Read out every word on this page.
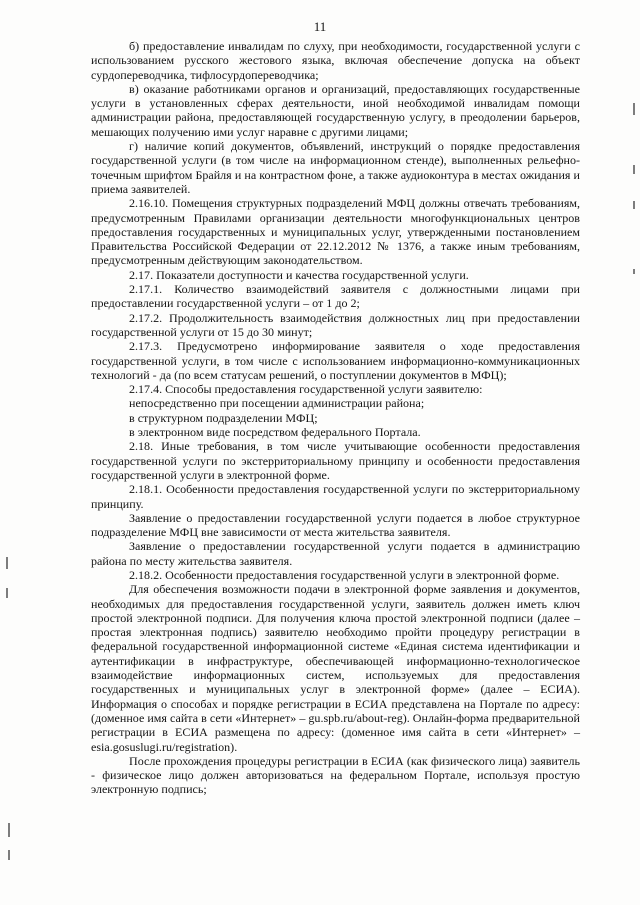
11

б) предоставление инвалидам по слуху, при необходимости, государственной услуги с использованием русского жестового языка, включая обеспечение допуска на объект сурдопереводчика, тифлосурдопереводчика;

в) оказание работниками органов и организаций, предоставляющих государственные услуги в установленных сферах деятельности, иной необходимой инвалидам помощи администрации района, предоставляющей государственную услугу, в преодолении барьеров, мешающих получению ими услуг наравне с другими лицами;

г) наличие копий документов, объявлений, инструкций о порядке предоставления государственной услуги (в том числе на информационном стенде), выполненных рельефно-точечным шрифтом Брайля и на контрастном фоне, а также аудиоконтура в местах ожидания и приема заявителей.

2.16.10. Помещения структурных подразделений МФЦ должны отвечать требованиям, предусмотренным Правилами организации деятельности многофункциональных центров предоставления государственных и муниципальных услуг, утвержденными постановлением Правительства Российской Федерации от 22.12.2012 № 1376, а также иным требованиям, предусмотренным действующим законодательством.

2.17. Показатели доступности и качества государственной услуги.

2.17.1. Количество взаимодействий заявителя с должностными лицами при предоставлении государственной услуги – от 1 до 2;

2.17.2. Продолжительность взаимодействия должностных лиц при предоставлении государственной услуги от 15 до 30 минут;

2.17.3. Предусмотрено информирование заявителя о ходе предоставления государственной услуги, в том числе с использованием информационно-коммуникационных технологий - да (по всем статусам решений, о поступлении документов в МФЦ);

2.17.4. Способы предоставления государственной услуги заявителю:

непосредственно при посещении администрации района;

в структурном подразделении МФЦ;

в электронном виде посредством федерального Портала.

2.18. Иные требования, в том числе учитывающие особенности предоставления государственной услуги по экстерриториальному принципу и особенности предоставления государственной услуги в электронной форме.

2.18.1. Особенности предоставления государственной услуги по экстерриториальному принципу.

Заявление о предоставлении государственной услуги подается в любое структурное подразделение МФЦ вне зависимости от места жительства заявителя.

Заявление о предоставлении государственной услуги подается в администрацию района по месту жительства заявителя.

2.18.2. Особенности предоставления государственной услуги в электронной форме.

Для обеспечения возможности подачи в электронной форме заявления и документов, необходимых для предоставления государственной услуги, заявитель должен иметь ключ простой электронной подписи. Для получения ключа простой электронной подписи (далее – простая электронная подпись) заявителю необходимо пройти процедуру регистрации в федеральной государственной информационной системе «Единая система идентификации и аутентификации в инфраструктуре, обеспечивающей информационно-технологическое взаимодействие информационных систем, используемых для предоставления государственных и муниципальных услуг в электронной форме» (далее – ЕСИА). Информация о способах и порядке регистрации в ЕСИА представлена на Портале по адресу: (доменное имя сайта в сети «Интернет» – gu.spb.ru/about-reg). Онлайн-форма предварительной регистрации в ЕСИА размещена по адресу: (доменное имя сайта в сети «Интернет» – esia.gosuslugi.ru/registration).

После прохождения процедуры регистрации в ЕСИА (как физического лица) заявитель - физическое лицо должен авторизоваться на федеральном Портале, используя простую электронную подпись;
